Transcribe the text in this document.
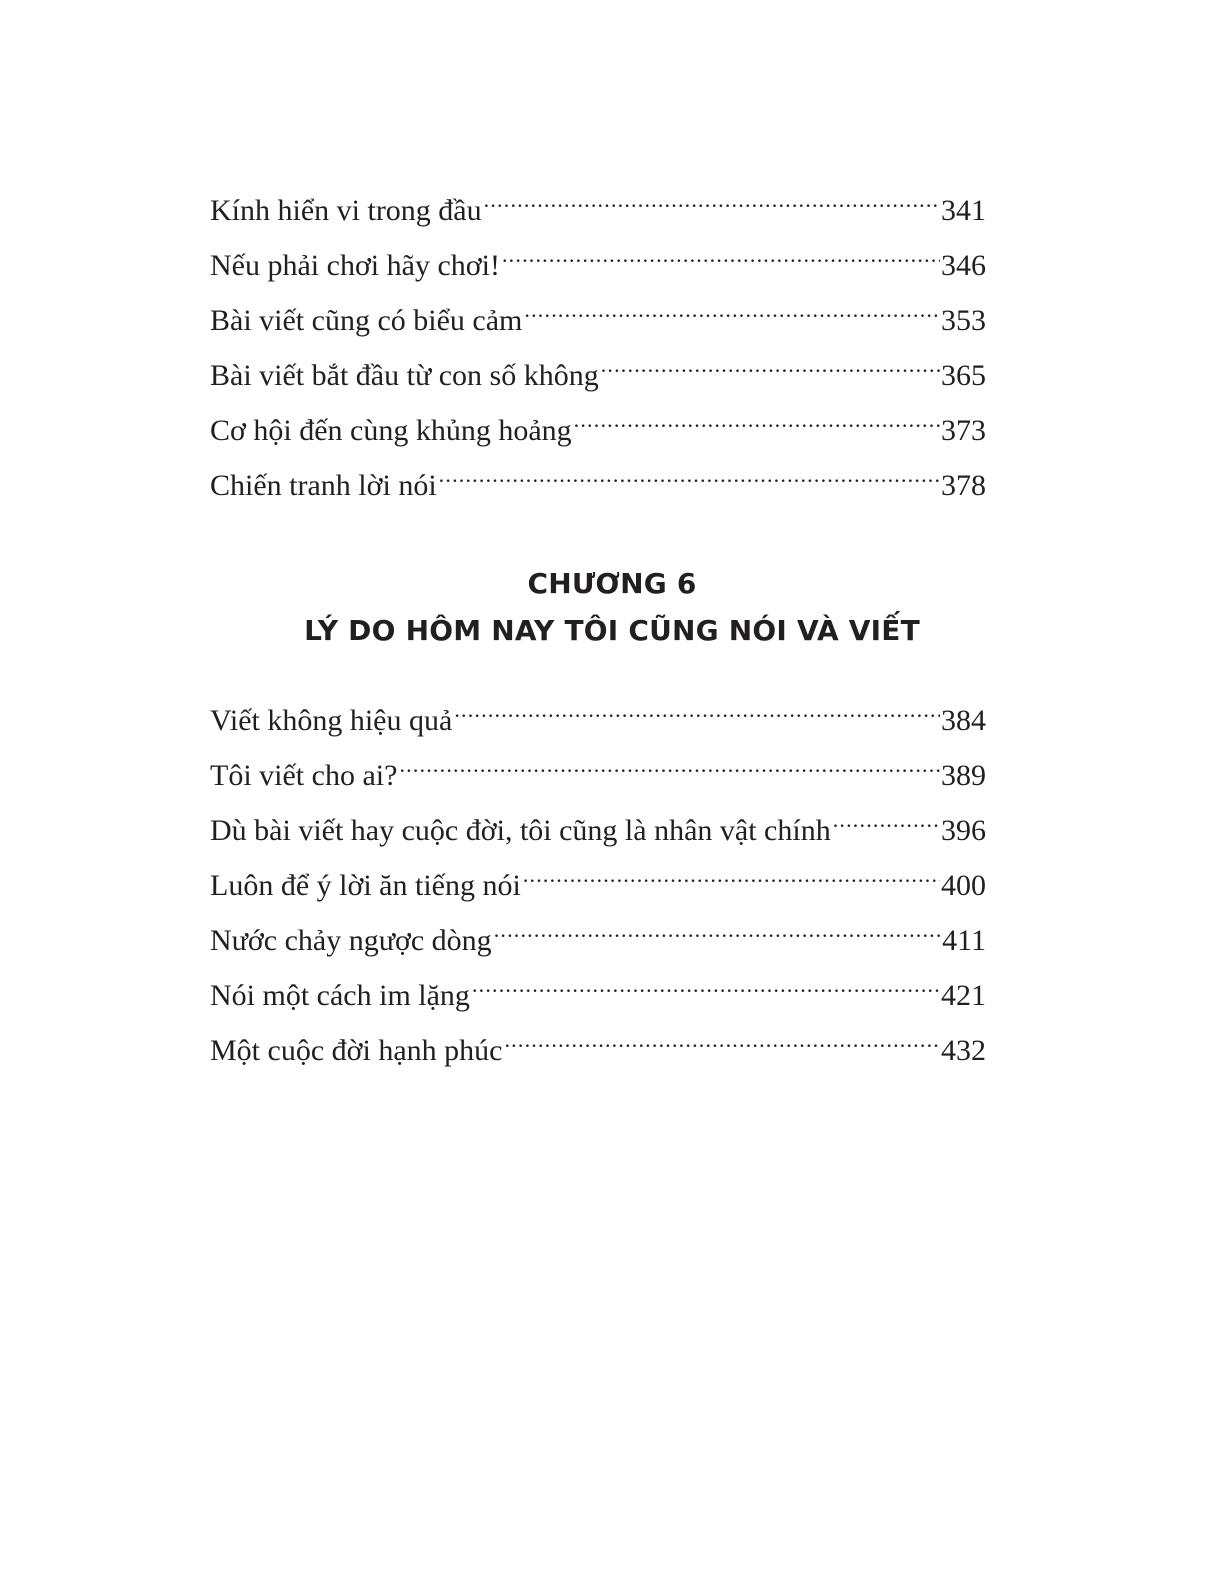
Kính hiển vi trong đầu .....	341
Nếu phải chơi hãy chơi! .....	346
Bài viết cũng có biểu cảm .....	353
Bài viết bắt đầu từ con số không .....	365
Cơ hội đến cùng khủng hoảng .....	373
Chiến tranh lời nói .....	378
CHƯƠNG 6
LÝ DO HÔM NAY TÔI CŨNG NÓI VÀ VIẾT
Viết không hiệu quả .....	384
Tôi viết cho ai? .....	389
Dù bài viết hay cuộc đời, tôi cũng là nhân vật chính .....	396
Luôn để ý lời ăn tiếng nói .....	400
Nước chảy ngược dòng .....	411
Nói một cách im lặng .....	421
Một cuộc đời hạnh phúc .....	432
